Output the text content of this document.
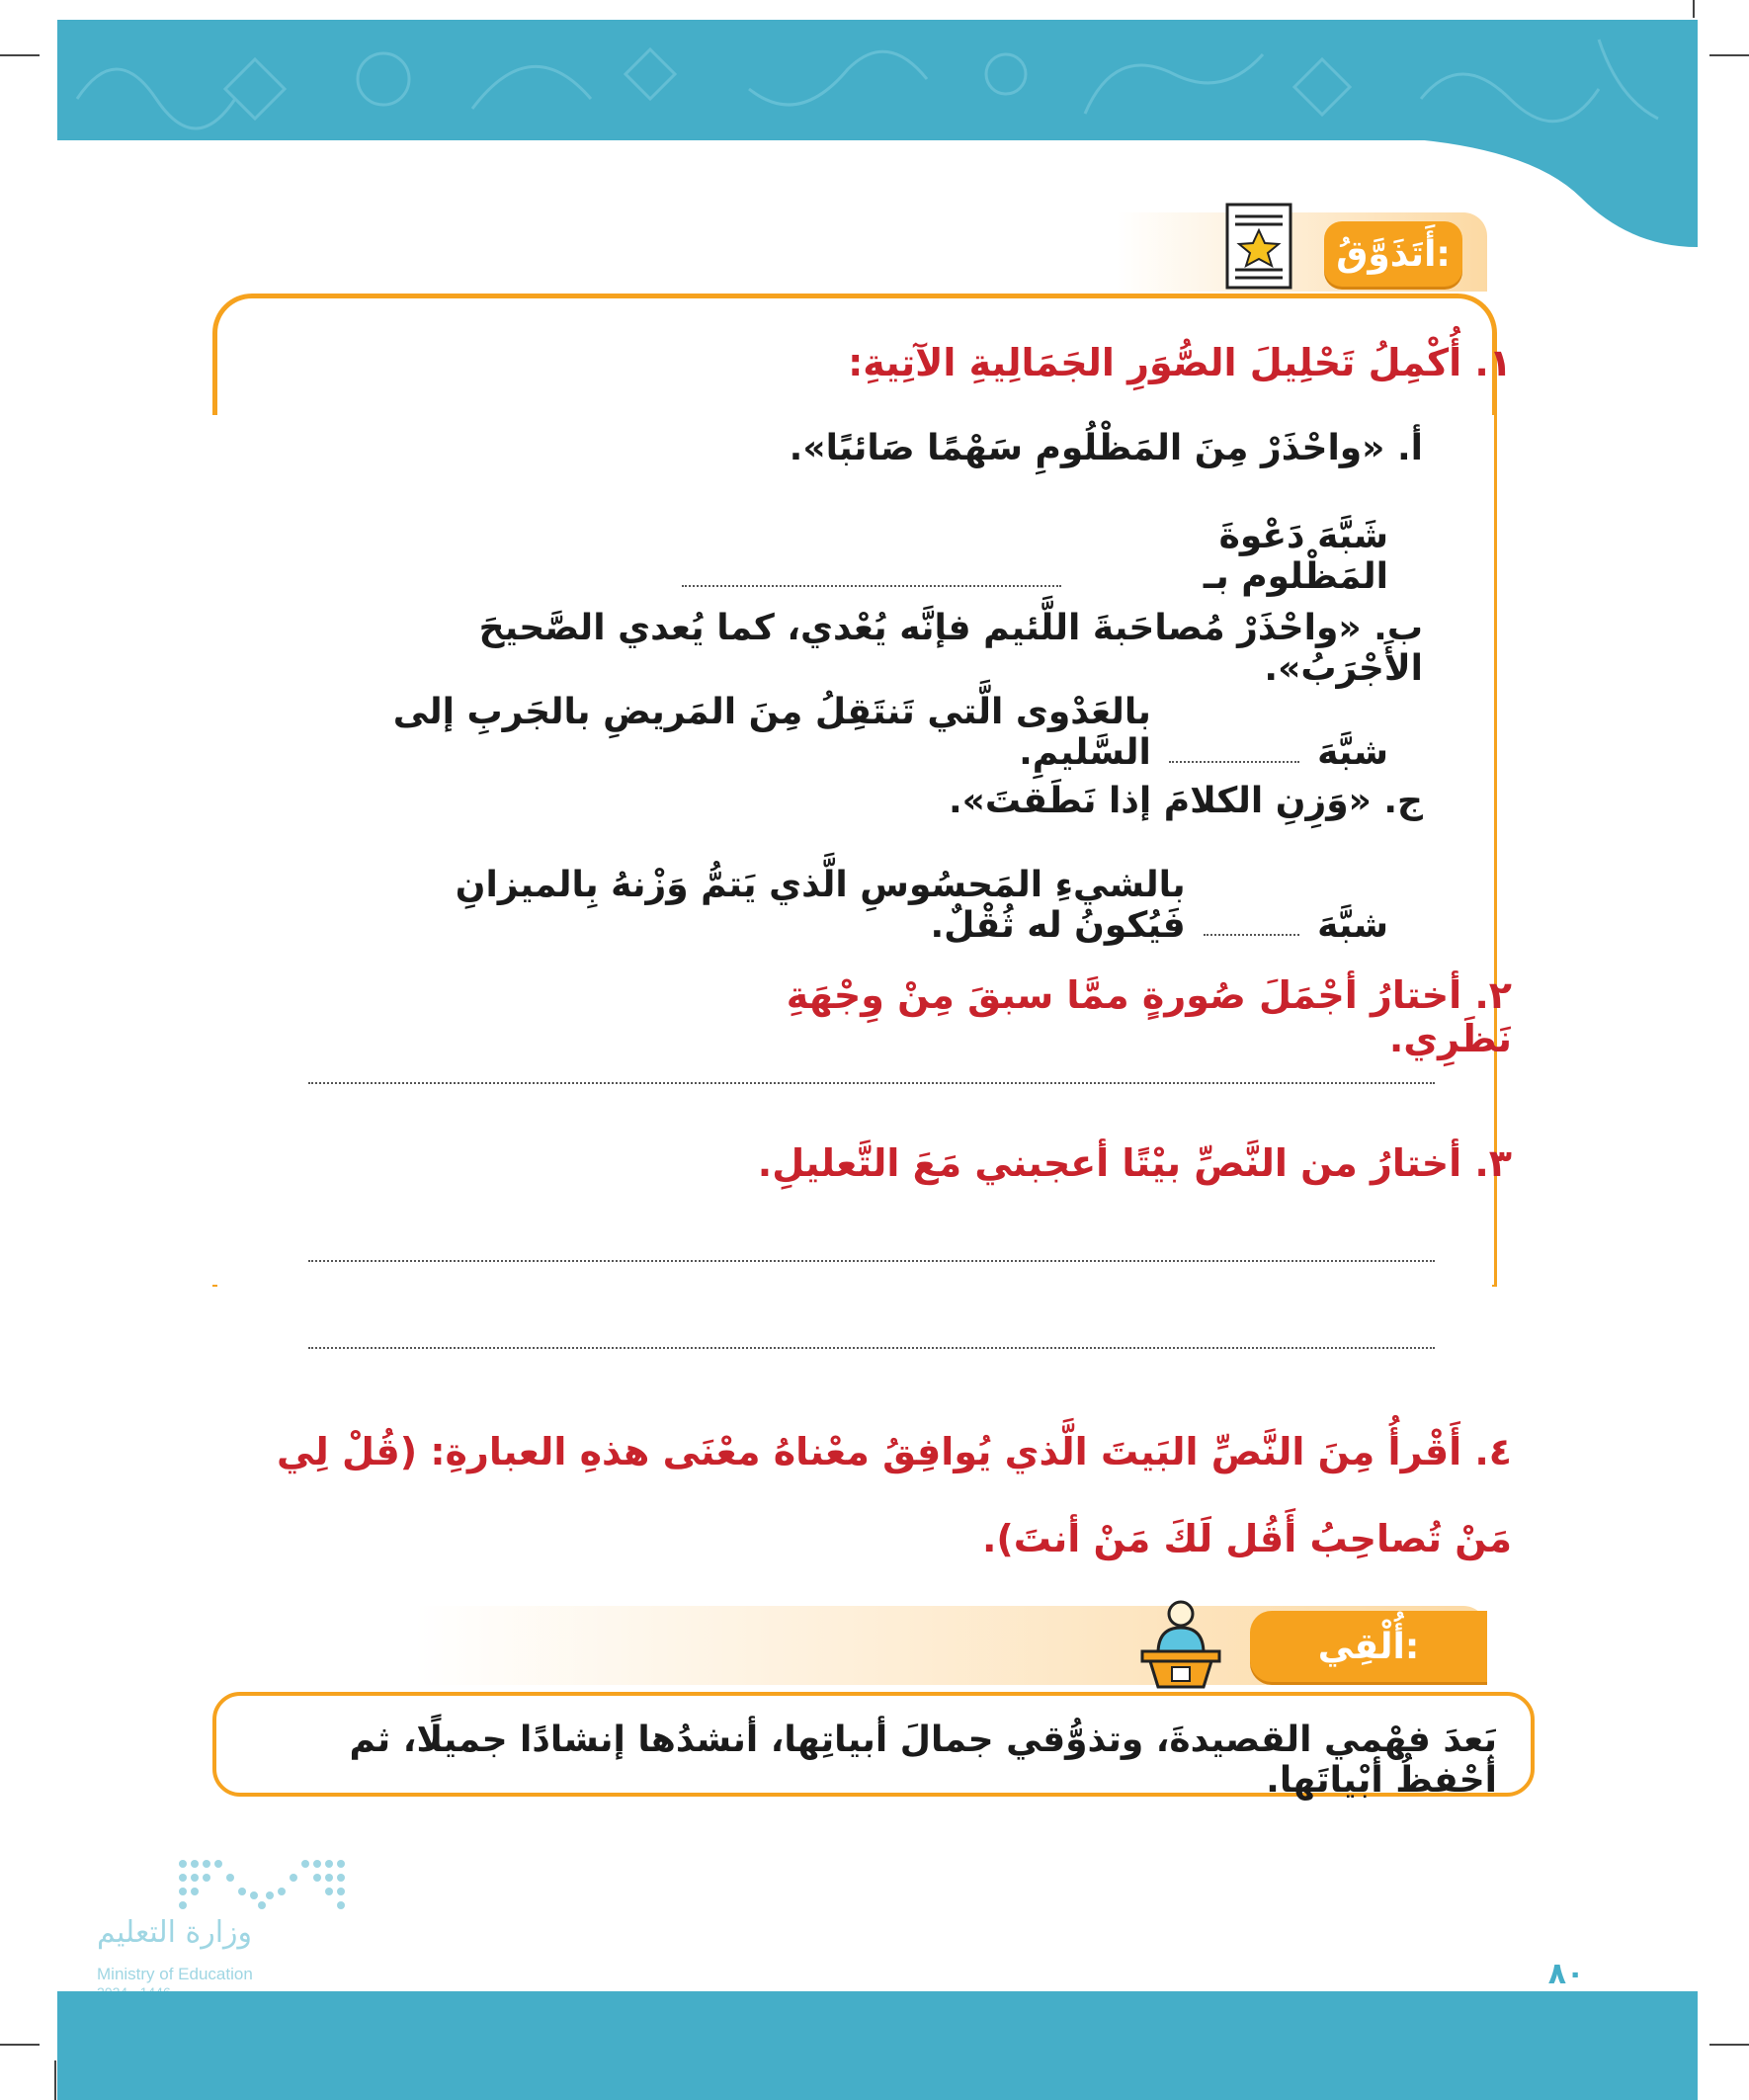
أَتَذَوَّقُ:
١. أُكْمِلُ تَحْلِيلَ الصُّوَرِ الجَمَالِيةِ الآتِيةِ:
أ. «واحْذَرْ مِنَ المَظْلُومِ سَهْمًا صَائبًا».
شَبَّهَ دَعْوةَ المَظْلوم بـ
ب. «واحْذَرْ مُصاحَبةَ اللَّئيم فإنَّه يُعْدي، كما يُعدي الصَّحيحَ الأَجْرَبُ».
شبَّهَ
بالعَدْوى الَّتي تَنتَقِلُ مِنَ المَريضِ بالجَربِ إلى السَّليمِ.
ج. «وَزِنِ الكلامَ إذا نَطَقتَ».
شبَّهَ
بالشيءِ المَحسُوسِ الَّذي يَتمُّ وَزْنهُ بِالميزانِ فَيُكونُ له ثُقْلٌ.
٢. أختارُ أجْمَلَ صُورةٍ ممَّا سبقَ مِنْ وِجْهَةِ نَظَرِي.
٣. أختارُ من النَّصِّ بيْتًا أعجبني مَعَ التَّعليلِ.
٤. أَقْرأُ مِنَ النَّصِّ البَيتَ الَّذي يُوافِقُ معْناهُ معْنَى هذهِ العبارةِ: (قُلْ لِي مَنْ تُصاحِبُ أَقُل لَكَ مَنْ أنتَ).
أُلْقِي:
بَعدَ فهْمي القصيدةَ، وتذوُّقي جمالَ أبياتِها، أنشدُها إنشادًا جميلًا، ثم أحْفظُ أبْياتَها.
وزارة التعليم
Ministry of Education	٨٠
